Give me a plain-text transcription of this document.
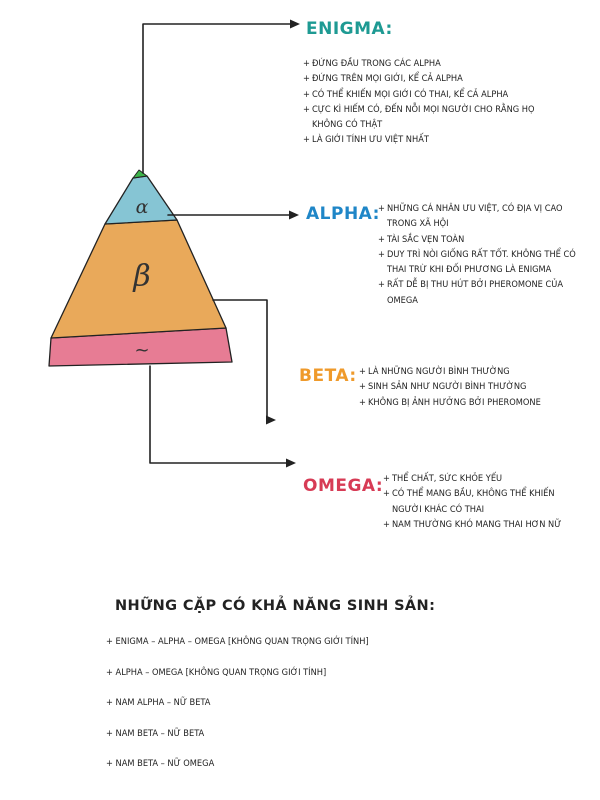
α
β
~
ENIGMA:
+ ĐỨNG ĐẦU TRONG CÁC ALPHA
+ ĐỨNG TRÊN MỌI GIỚI, KỂ CẢ ALPHA
+ CÓ THỂ KHIẾN MỌI GIỚI CÓ THAI, KỂ CẢ ALPHA
+ CỰC KÌ HIẾM CÓ, ĐẾN NỖI MỌI NGƯỜI CHO RẰNG HỌ KHÔNG CÓ THẬT
+ LÀ GIỚI TÍNH ƯU VIỆT NHẤT
ALPHA: + NHỮNG CÁ NHÂN ƯU VIỆT, CÓ ĐỊA VỊ CAO TRONG XÃ HỘI
+ TÀI SẮC VẸN TOÀN
+ DUY TRÌ NÒI GIỐNG RẤT TỐT. KHÔNG THỂ CÓ THAI TRỪ KHI ĐỐI PHƯƠNG LÀ ENIGMA
+ RẤT DỄ BỊ THU HÚT BỞI PHEROMONE CỦA OMEGA
BETA: + LÀ NHỮNG NGƯỜI BÌNH THƯỜNG
+ SINH SẢN NHƯ NGƯỜI BÌNH THƯỜNG
+ KHÔNG BỊ ẢNH HƯỞNG BỞI PHEROMONE
OMEGA: + THỂ CHẤT, SỨC KHỎE YẾU
+ CÓ THỂ MANG BẦU, KHÔNG THỂ KHIẾN NGƯỜI KHÁC CÓ THAI
+ NAM THƯỜNG KHÓ MANG THAI HƠN NỮ
NHỮNG CẶP CÓ KHẢ NĂNG SINH SẢN:
+ ENIGMA – ALPHA – OMEGA [KHÔNG QUAN TRỌNG GIỚI TÍNH]
+ ALPHA – OMEGA [KHÔNG QUAN TRỌNG GIỚI TÍNH]
+ NAM ALPHA – NỮ BETA
+ NAM BETA – NỮ BETA
+ NAM BETA – NỮ OMEGA
